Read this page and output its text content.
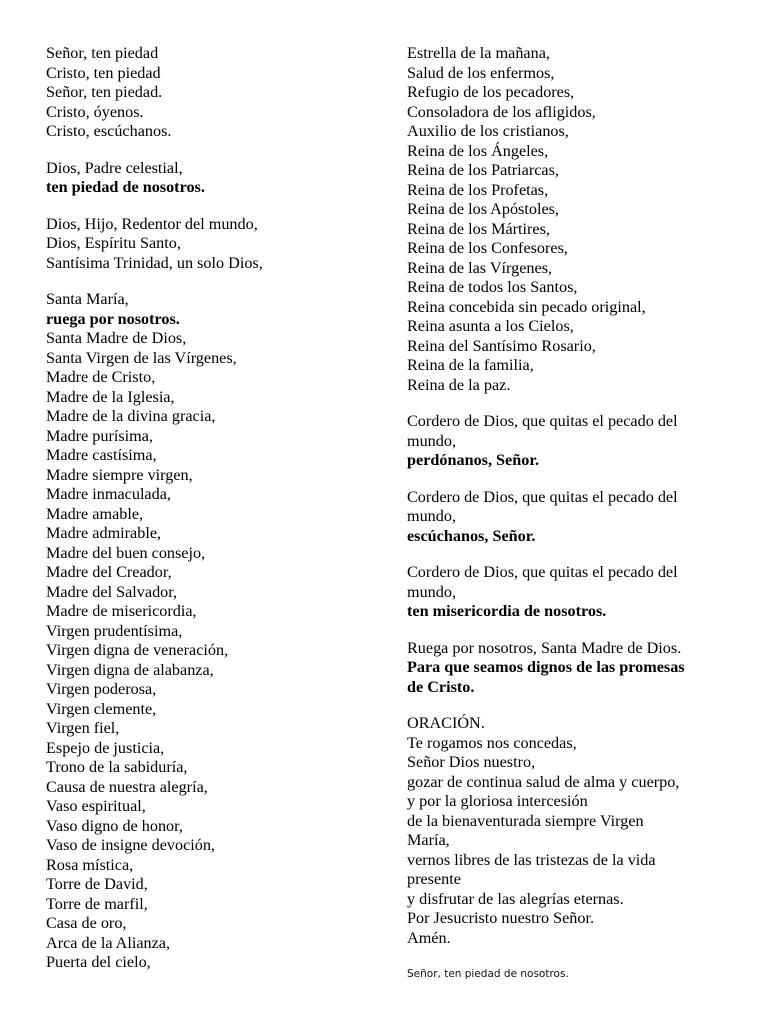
Señor, ten piedad
Cristo, ten piedad
Señor, ten piedad.
Cristo, óyenos.
Cristo, escúchanos.
Dios, Padre celestial,
ten piedad de nosotros.
Dios, Hijo, Redentor del mundo,
Dios, Espíritu Santo,
Santísima Trinidad, un solo Dios,
Santa María,
ruega por nosotros.
Santa Madre de Dios,
Santa Virgen de las Vírgenes,
Madre de Cristo,
Madre de la Iglesia,
Madre de la divina gracia,
Madre purísima,
Madre castísima,
Madre siempre virgen,
Madre inmaculada,
Madre amable,
Madre admirable,
Madre del buen consejo,
Madre del Creador,
Madre del Salvador,
Madre de misericordia,
Virgen prudentísima,
Virgen digna de veneración,
Virgen digna de alabanza,
Virgen poderosa,
Virgen clemente,
Virgen fiel,
Espejo de justicia,
Trono de la sabiduría,
Causa de nuestra alegría,
Vaso espiritual,
Vaso digno de honor,
Vaso de insigne devoción,
Rosa mística,
Torre de David,
Torre de marfil,
Casa de oro,
Arca de la Alianza,
Puerta del cielo,
Estrella de la mañana,
Salud de los enfermos,
Refugio de los pecadores,
Consoladora de los afligidos,
Auxilio de los cristianos,
Reina de los Ángeles,
Reina de los Patriarcas,
Reina de los Profetas,
Reina de los Apóstoles,
Reina de los Mártires,
Reina de los Confesores,
Reina de las Vírgenes,
Reina de todos los Santos,
Reina concebida sin pecado original,
Reina asunta a los Cielos,
Reina del Santísimo Rosario,
Reina de la familia,
Reina de la paz.
Cordero de Dios, que quitas el pecado del
mundo,
perdónanos, Señor.
Cordero de Dios, que quitas el pecado del
mundo,
escúchanos, Señor.
Cordero de Dios, que quitas el pecado del
mundo,
ten misericordia de nosotros.
Ruega por nosotros, Santa Madre de Dios.
Para que seamos dignos de las promesas
de Cristo.
ORACIÓN.
Te rogamos nos concedas,
Señor Dios nuestro,
gozar de continua salud de alma y cuerpo,
y por la gloriosa intercesión
de la bienaventurada siempre Virgen
María,
vernos libres de las tristezas de la vida
presente
y disfrutar de las alegrías eternas.
Por Jesucristo nuestro Señor.
Amén.
Señor, ten piedad de nosotros.
